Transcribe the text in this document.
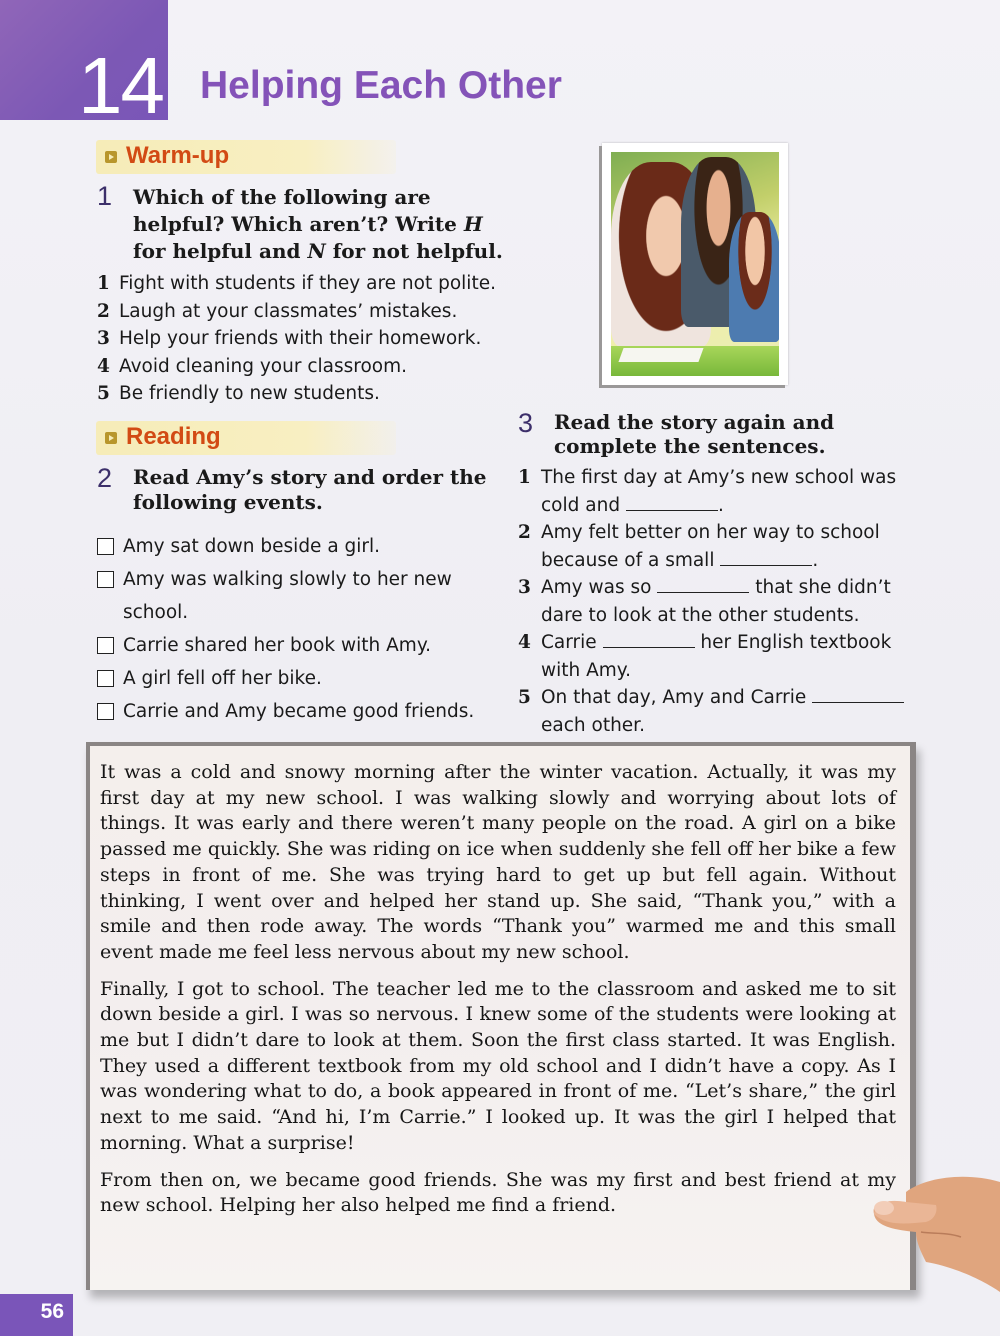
14 Helping Each Other
Warm-up
1 Which of the following are helpful? Which aren’t? Write H for helpful and N for not helpful.
1 Fight with students if they are not polite.
2 Laugh at your classmates’ mistakes.
3 Help your friends with their homework.
4 Avoid cleaning your classroom.
5 Be friendly to new students.
Reading
2 Read Amy’s story and order the following events.
Amy sat down beside a girl.
Amy was walking slowly to her new school.
Carrie shared her book with Amy.
A girl fell off her bike.
Carrie and Amy became good friends.
3 Read the story again and complete the sentences.
1 The first day at Amy’s new school was cold and	.
2 Amy felt better on her way to school because of a small	.
3 Amy was so	that she didn’t dare to look at the other students.
4 Carrie	her English textbook with Amy.
5 On that day, Amy and Carrie  each other.

It was a cold and snowy morning after the winter vacation. Actually, it was my first day at my new school. I was walking slowly and worrying about lots of things. It was early and there weren’t many people on the road. A girl on a bike passed me quickly. She was riding on ice when suddenly she fell off her bike a few steps in front of me. She was trying hard to get up but fell again. Without thinking, I went over and helped her stand up. She said, “Thank you,” with a smile and then rode away. The words “Thank you” warmed me and this small event made me feel less nervous about my new school.

Finally, I got to school. The teacher led me to the classroom and asked me to sit down beside a girl. I was so nervous. I knew some of the students were looking at me but I didn’t dare to look at them. Soon the first class started. It was English. They used a different textbook from my old school and I didn’t have a copy. As I was wondering what to do, a book appeared in front of me. “Let’s share,” the girl next to me said. “And hi, I’m Carrie.” I looked up. It was the girl I helped that morning. What a surprise!

From then on, we became good friends. She was my first and best friend at my new school. Helping her also helped me find a friend.

56
